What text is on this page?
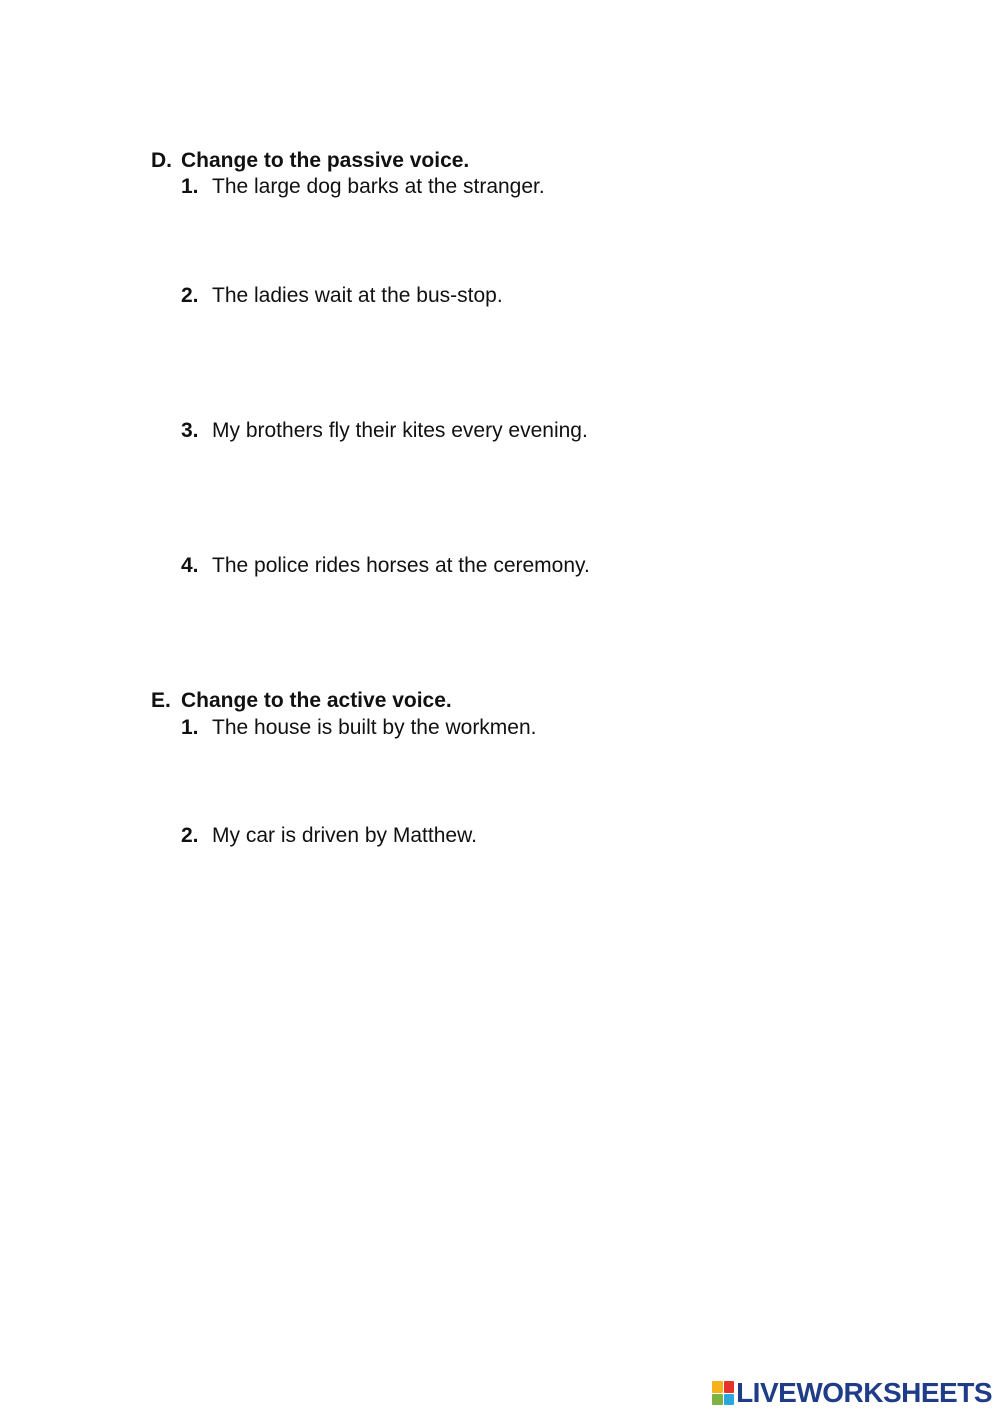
D. Change to the passive voice.
1. The large dog barks at the stranger.
2. The ladies wait at the bus-stop.
3. My brothers fly their kites every evening.
4. The police rides horses at the ceremony.
E. Change to the active voice.
1. The house is built by the workmen.
2. My car is driven by Matthew.
LIVEWORKSHEETS
